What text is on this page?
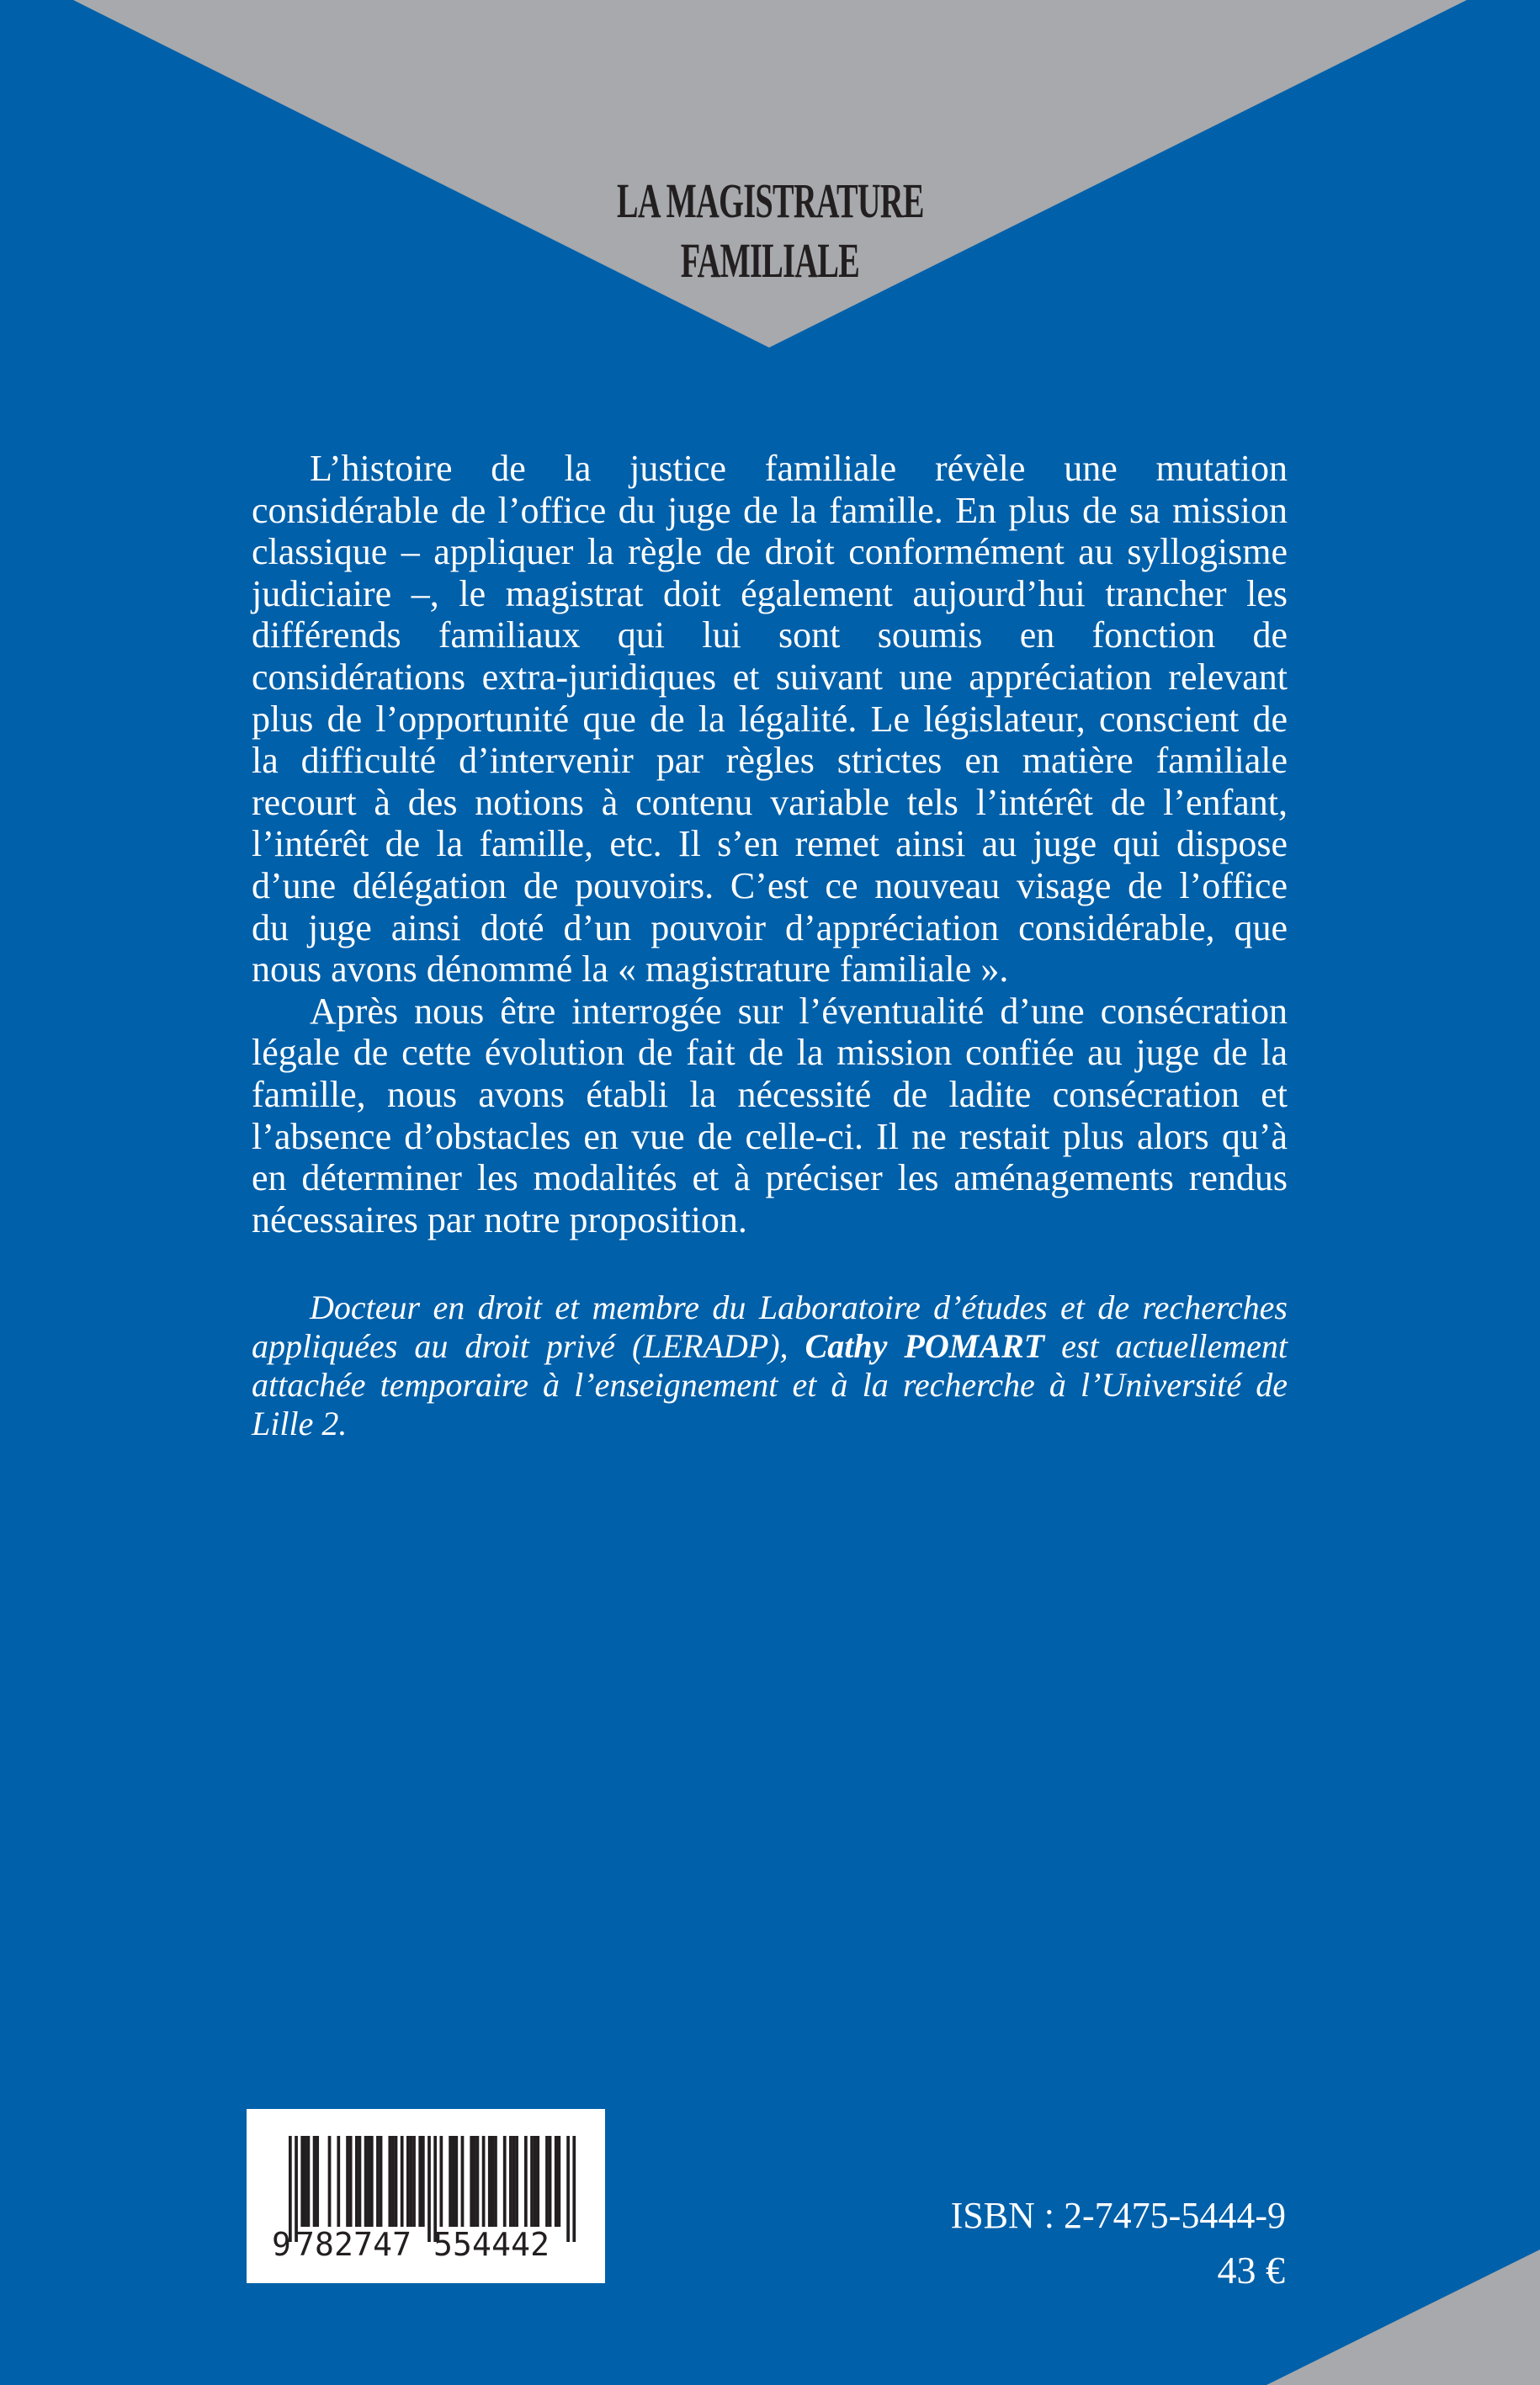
LA MAGISTRATURE
FAMILIALE
L’histoire de la justice familiale révèle une mutation
considérable de l’office du juge de la famille. En plus de sa mission
classique – appliquer la règle de droit conformément au syllogisme
judiciaire –, le magistrat doit également aujourd’hui trancher les
différends familiaux qui lui sont soumis en fonction de
considérations extra-juridiques et suivant une appréciation relevant
plus de l’opportunité que de la légalité. Le législateur, conscient de
la difficulté d’intervenir par règles strictes en matière familiale
recourt à des notions à contenu variable tels l’intérêt de l’enfant,
l’intérêt de la famille, etc. Il s’en remet ainsi au juge qui dispose
d’une délégation de pouvoirs. C’est ce nouveau visage de l’office
du juge ainsi doté d’un pouvoir d’appréciation considérable, que
nous avons dénommé la « magistrature familiale ».
Après nous être interrogée sur l’éventualité d’une consécration
légale de cette évolution de fait de la mission confiée au juge de la
famille, nous avons établi la nécessité de ladite consécration et
l’absence d’obstacles en vue de celle-ci. Il ne restait plus alors qu’à
en déterminer les modalités et à préciser les aménagements rendus
nécessaires par notre proposition.
Docteur en droit et membre du Laboratoire d’études et de recherches
appliquées au droit privé (LERADP), Cathy POMART est actuellement
attachée temporaire à l’enseignement et à la recherche à l’Université de
Lille 2.
9 782747 554442
ISBN : 2-7475-5444-9
43 €
